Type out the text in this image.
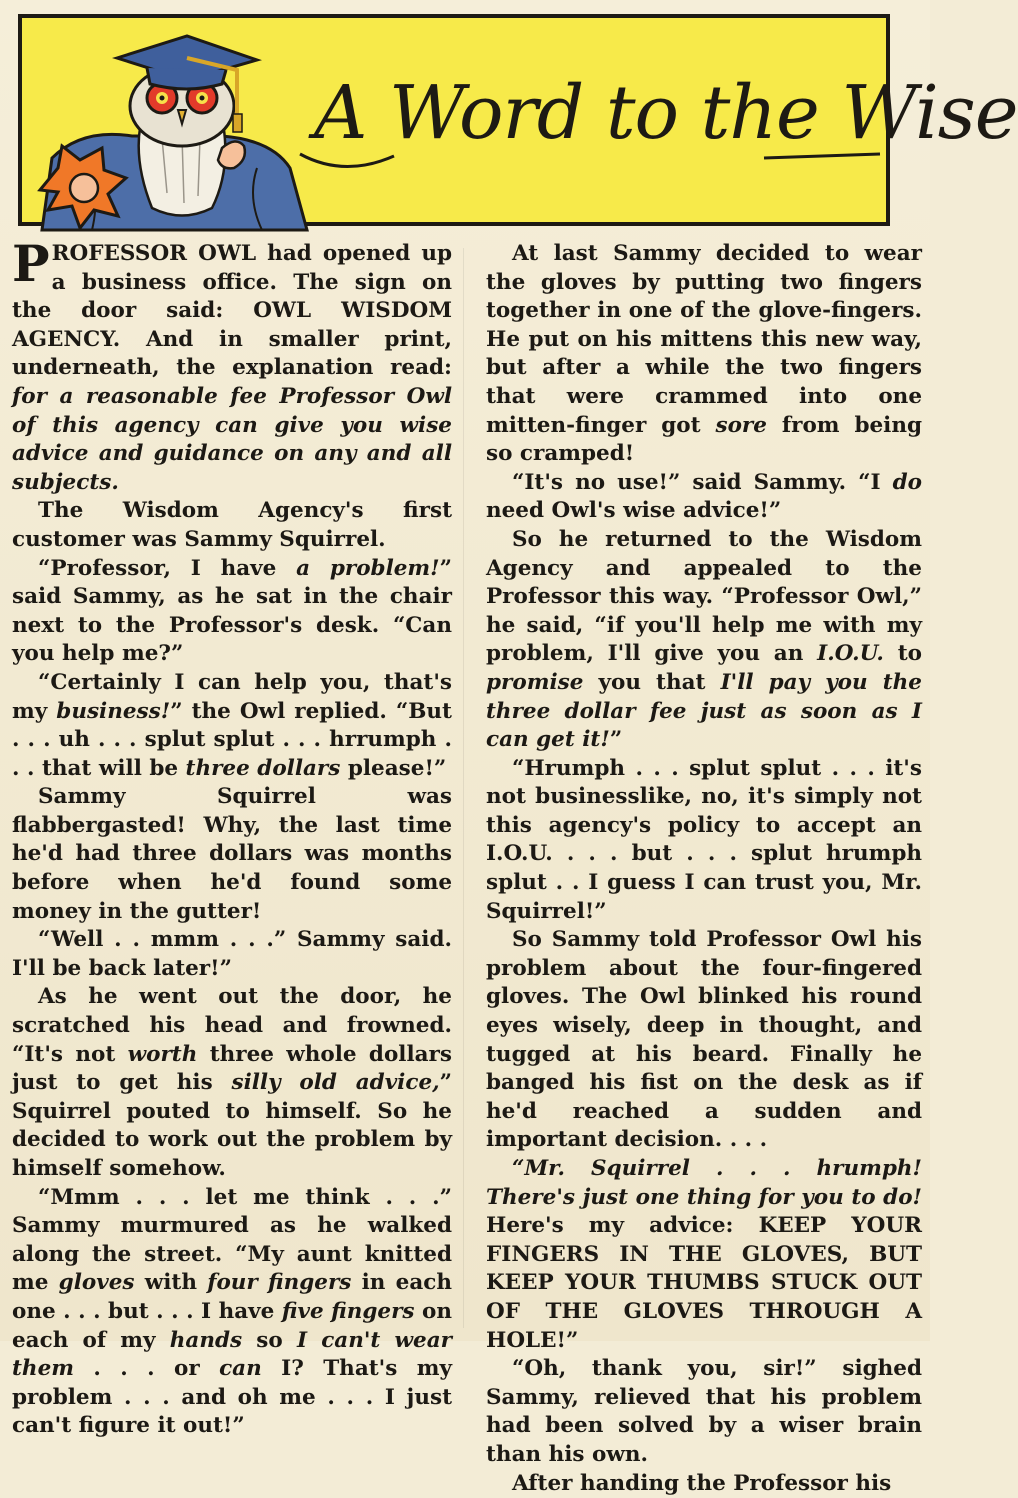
A Word to the Wise

PROFESSOR OWL had opened up a business office. The sign on the door said: OWL WISDOM AGENCY. And in smaller print, underneath, the explanation read: for a reasonable fee Professor Owl of this agency can give you wise advice and guidance on any and all subjects.

The Wisdom Agency's first customer was Sammy Squirrel.

“Professor, I have a problem!” said Sammy, as he sat in the chair next to the Professor's desk. “Can you help me?”

“Certainly I can help you, that's my business!” the Owl replied. “But . . . uh . . . splut splut . . . hrrumph . . . that will be three dollars please!”

Sammy Squirrel was flabbergasted! Why, the last time he'd had three dollars was months before when he'd found some money in the gutter!

“Well . . mmm . . .” Sammy said. I'll be back later!”

As he went out the door, he scratched his head and frowned. “It's not worth three whole dollars just to get his silly old advice,” Squirrel pouted to himself. So he decided to work out the problem by himself somehow.

“Mmm . . . let me think . . .” Sammy murmured as he walked along the street. “My aunt knitted me gloves with four fingers in each one . . . but . . . I have five fingers on each of my hands so I can't wear them . . . or can I? That's my problem . . . and oh me . . . I just can't figure it out!”

At last Sammy decided to wear the gloves by putting two fingers together in one of the glove-fingers. He put on his mittens this new way, but after a while the two fingers that were crammed into one mitten-finger got sore from being so cramped!

“It's no use!” said Sammy. “I do need Owl's wise advice!”

So he returned to the Wisdom Agency and appealed to the Professor this way. “Professor Owl,” he said, “if you'll help me with my problem, I'll give you an I.O.U. to promise you that I'll pay you the three dollar fee just as soon as I can get it!”

“Hrumph . . . splut splut . . . it's not businesslike, no, it's simply not this agency's policy to accept an I.O.U. . . . but . . . splut hrumph splut . . I guess I can trust you, Mr. Squirrel!”

So Sammy told Professor Owl his problem about the four-fingered gloves. The Owl blinked his round eyes wisely, deep in thought, and tugged at his beard. Finally he banged his fist on the desk as if he'd reached a sudden and important decision. . . .

“Mr. Squirrel . . . hrumph! There's just one thing for you to do! Here's my advice: KEEP YOUR FINGERS IN THE GLOVES, BUT KEEP YOUR THUMBS STUCK OUT OF THE GLOVES THROUGH A HOLE!”

“Oh, thank you, sir!” sighed Sammy, relieved that his problem had been solved by a wiser brain than his own.

After handing the Professor his
